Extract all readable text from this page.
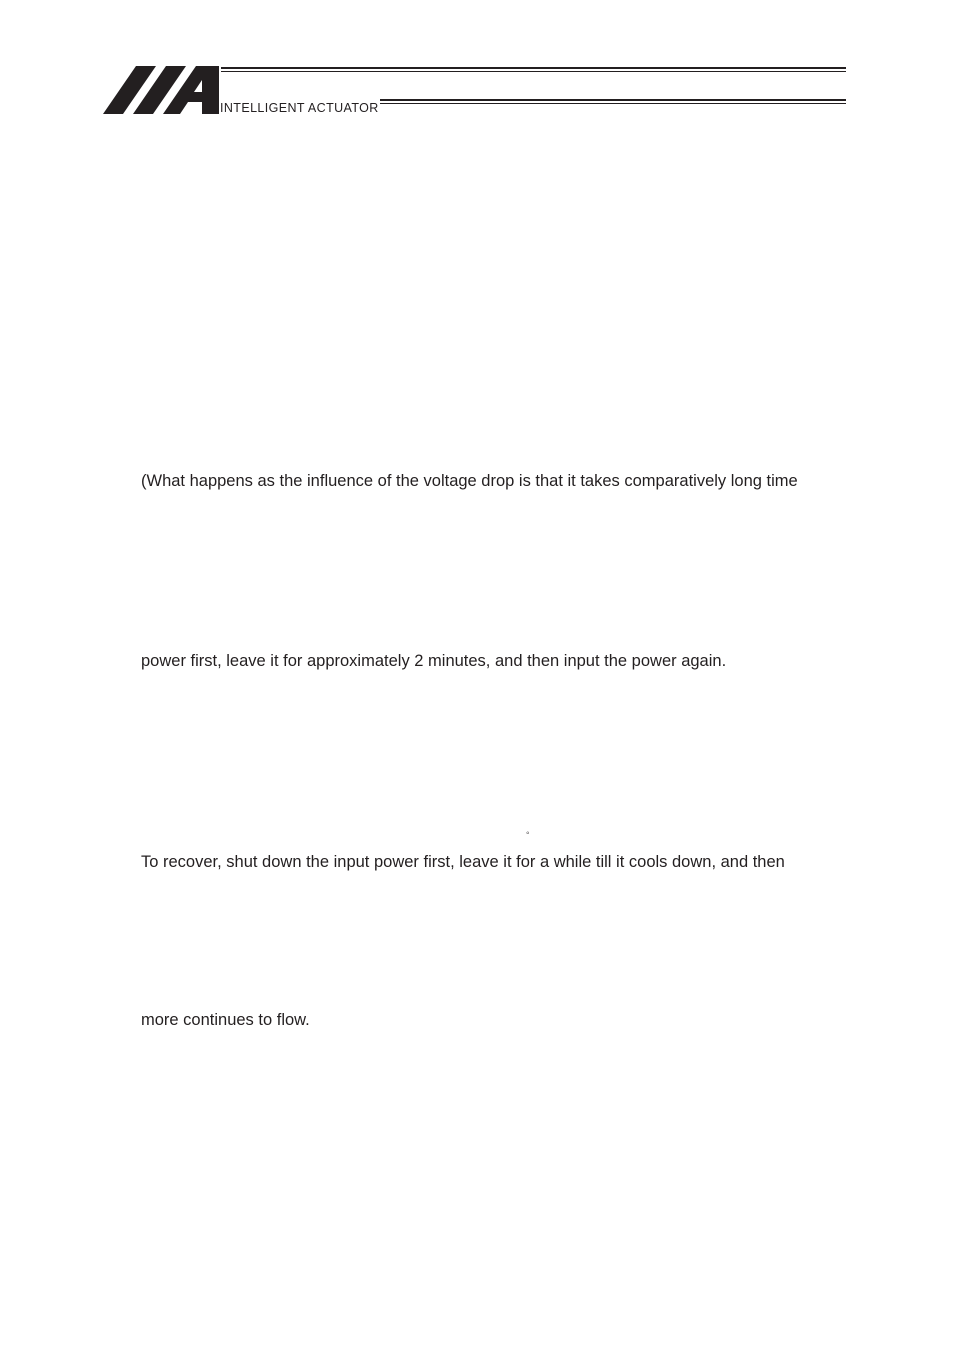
INTELLIGENT ACTUATOR
(What happens as the influence of the voltage drop is that it takes comparatively long time
power first, leave it for approximately 2 minutes, and then input the power again.
◦
To recover, shut down the input power first, leave it for a while till it cools down, and then
more continues to flow.
